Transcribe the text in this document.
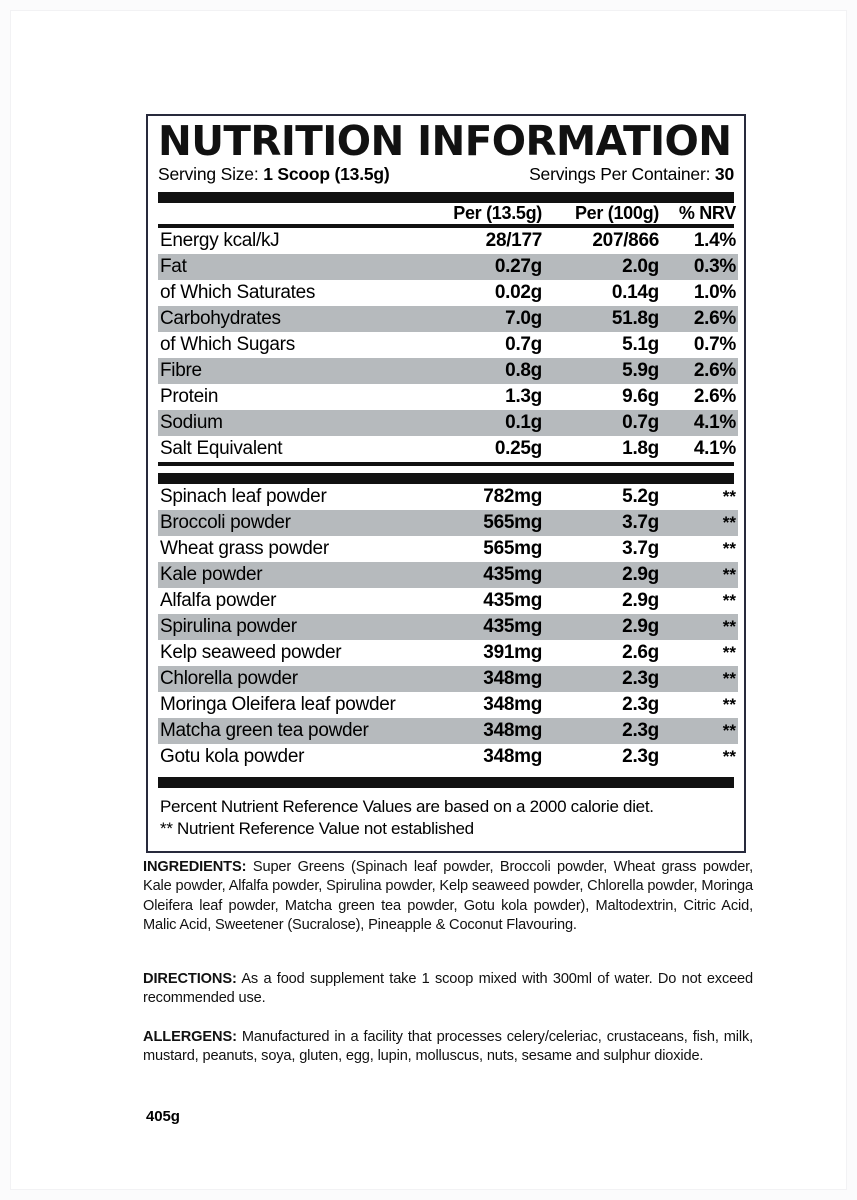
NUTRITION INFORMATION
Serving Size: 1 Scoop (13.5g)	Servings Per Container: 30
	Per (13.5g)	Per (100g)	% NRV
Energy kcal/kJ	28/177	207/866	1.4%
Fat	0.27g	2.0g	0.3%
of Which Saturates	0.02g	0.14g	1.0%
Carbohydrates	7.0g	51.8g	2.6%
of Which Sugars	0.7g	5.1g	0.7%
Fibre	0.8g	5.9g	2.6%
Protein	1.3g	9.6g	2.6%
Sodium	0.1g	0.7g	4.1%
Salt Equivalent	0.25g	1.8g	4.1%
Spinach leaf powder	782mg	5.2g	**
Broccoli powder	565mg	3.7g	**
Wheat grass powder	565mg	3.7g	**
Kale powder	435mg	2.9g	**
Alfalfa powder	435mg	2.9g	**
Spirulina powder	435mg	2.9g	**
Kelp seaweed powder	391mg	2.6g	**
Chlorella powder	348mg	2.3g	**
Moringa Oleifera leaf powder	348mg	2.3g	**
Matcha green tea powder	348mg	2.3g	**
Gotu kola powder	348mg	2.3g	**
Percent Nutrient Reference Values are based on a 2000 calorie diet.
** Nutrient Reference Value not established
INGREDIENTS: Super Greens (Spinach leaf powder, Broccoli powder, Wheat grass powder, Kale powder, Alfalfa powder, Spirulina powder, Kelp seaweed powder, Chlorella powder, Moringa Oleifera leaf powder, Matcha green tea powder, Gotu kola powder), Maltodextrin, Citric Acid, Malic Acid, Sweetener (Sucralose), Pineapple & Coconut Flavouring.
DIRECTIONS: As a food supplement take 1 scoop mixed with 300ml of water. Do not exceed recommended use.
ALLERGENS: Manufactured in a facility that processes celery/celeriac, crustaceans, fish, milk, mustard, peanuts, soya, gluten, egg, lupin, molluscus, nuts, sesame and sulphur dioxide.
405g
